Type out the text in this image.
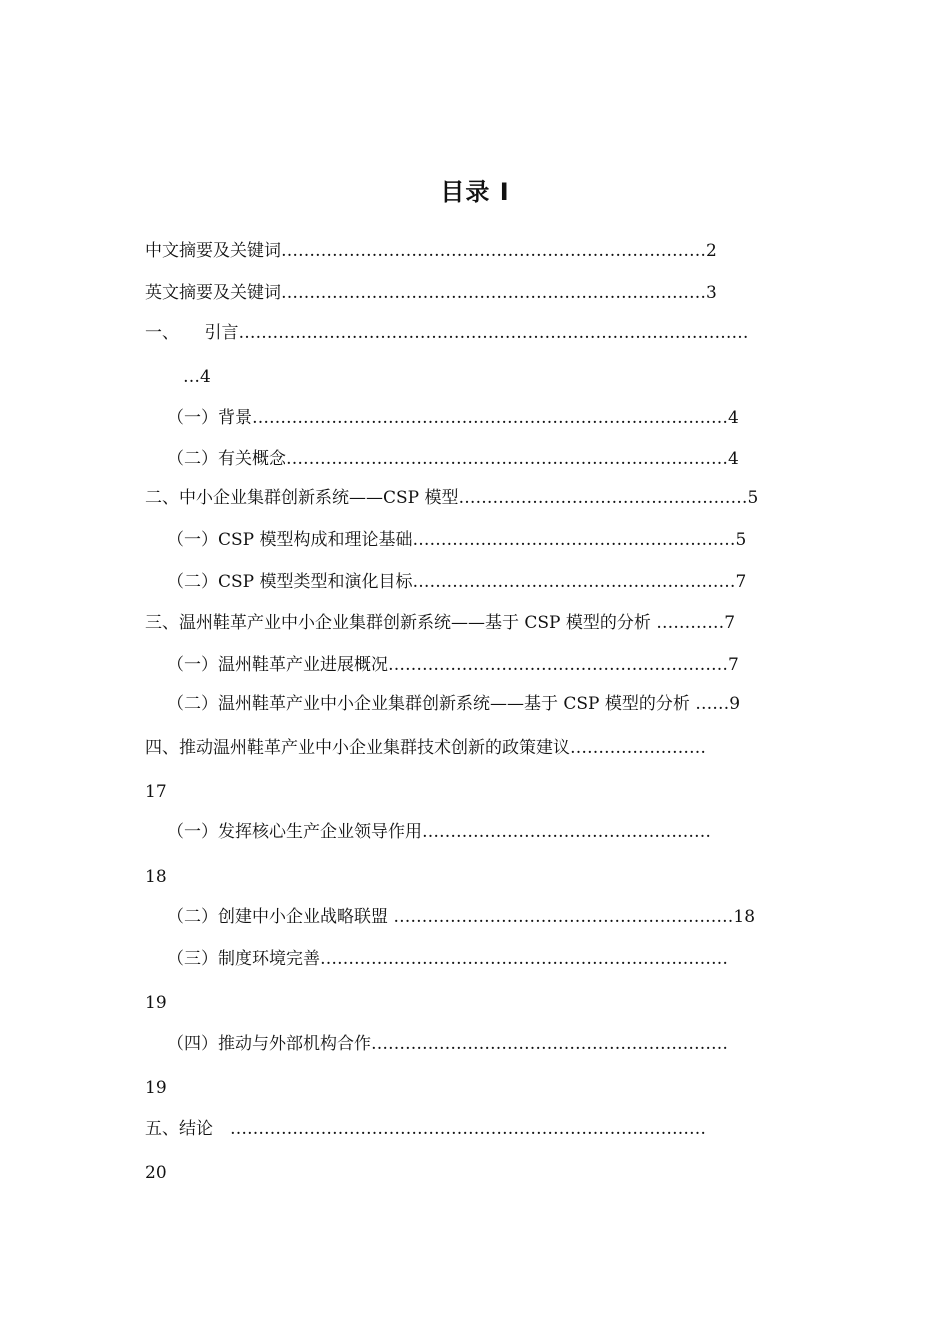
目录 I
中文摘要及关键词…………………………………………………………………2
英文摘要及关键词…………………………………………………………………3
一、　　引言………………………………………………………………………………
…4
（一）背景…………………………………………………………………………4
（二）有关概念……………………………………………………………………4
二、中小企业集群创新系统——CSP 模型……………………………………………5
（一）CSP 模型构成和理论基础…………………………………………………5
（二）CSP 模型类型和演化目标…………………………………………………7
三、温州鞋革产业中小企业集群创新系统——基于 CSP 模型的分析 …………7
（一）温州鞋革产业进展概况……………………………………………………7
（二）温州鞋革产业中小企业集群创新系统——基于 CSP 模型的分析 ……9
四、推动温州鞋革产业中小企业集群技术创新的政策建议……………………
17
（一）发挥核心生产企业领导作用……………………………………………
18
（二）创建中小企业战略联盟 ……………………………………………………18
（三）制度环境完善………………………………………………………………
19
（四）推动与外部机构合作………………………………………………………
19
五、结论　…………………………………………………………………………
20
